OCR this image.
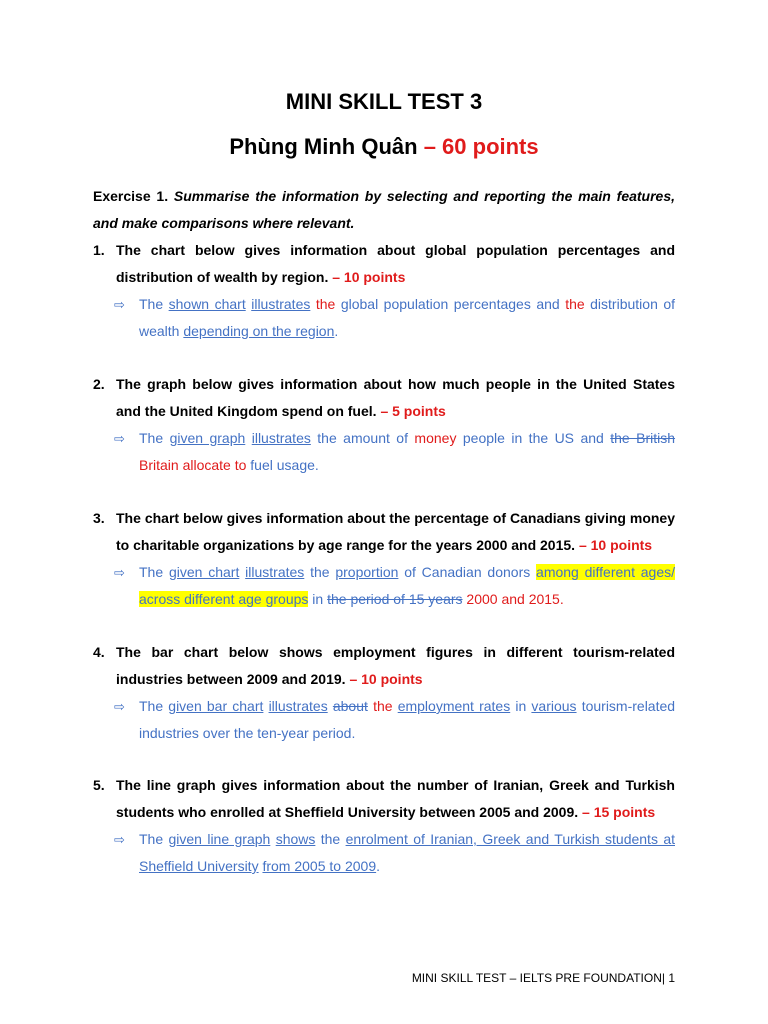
MINI SKILL TEST 3
Phùng Minh Quân – 60 points
Exercise 1. Summarise the information by selecting and reporting the main features, and make comparisons where relevant.
1. The chart below gives information about global population percentages and distribution of wealth by region. – 10 points
⇨ The shown chart illustrates the global population percentages and the distribution of wealth depending on the region.
2. The graph below gives information about how much people in the United States and the United Kingdom spend on fuel. – 5 points
⇨ The given graph illustrates the amount of money people in the US and the British Britain allocate to fuel usage.
3. The chart below gives information about the percentage of Canadians giving money to charitable organizations by age range for the years 2000 and 2015. – 10 points
⇨ The given chart illustrates the proportion of Canadian donors among different ages/ across different age groups in the period of 15 years 2000 and 2015.
4. The bar chart below shows employment figures in different tourism-related industries between 2009 and 2019. – 10 points
⇨ The given bar chart illustrates about the employment rates in various tourism-related industries over the ten-year period.
5. The line graph gives information about the number of Iranian, Greek and Turkish students who enrolled at Sheffield University between 2005 and 2009. – 15 points
⇨ The given line graph shows the enrolment of Iranian, Greek and Turkish students at Sheffield University from 2005 to 2009.
MINI SKILL TEST – IELTS PRE FOUNDATION| 1
